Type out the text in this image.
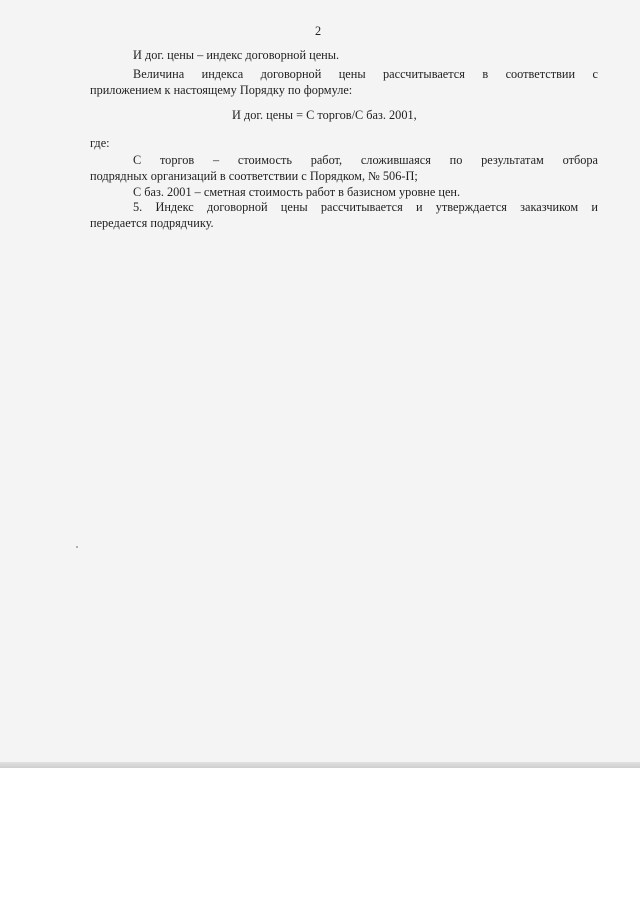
2
И дог. цены – индекс договорной цены.
Величина индекса договорной цены рассчитывается в соответствии с
приложением к настоящему Порядку по формуле:
И дог. цены = С торгов/С баз. 2001,
где:
С торгов – стоимость работ, сложившаяся по результатам отбора
подрядных организаций в соответствии с Порядком, № 506-П;
С баз. 2001 – сметная стоимость работ в базисном уровне цен.
5. Индекс договорной цены рассчитывается и утверждается заказчиком и
передается подрядчику.
